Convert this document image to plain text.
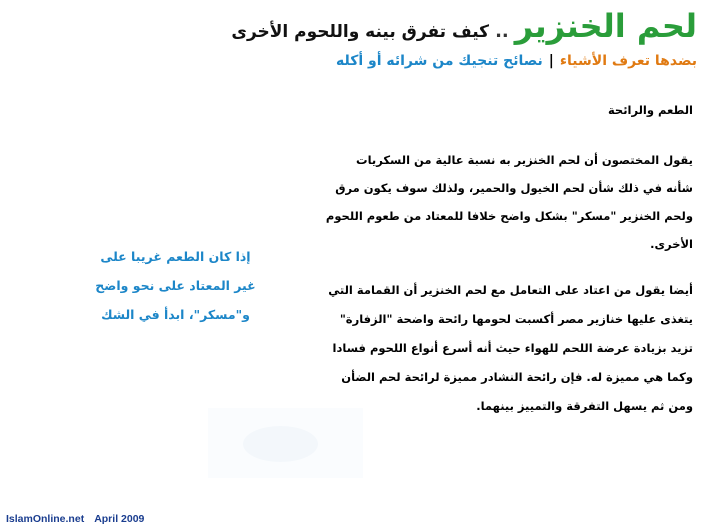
لحم الخنزير..كيف تفرق بينه واللحوم الأخرى
بضدها تعرف الأشياء|نصائح تنجيك من شرائه أو أكله
الطعم والرائحة
يقول المختصون أن لحم الخنزير به نسبة عالية من السكريات
شأنه في ذلك شأن لحم الخيول والحمير، ولذلك سوف يكون مرق
ولحم الخنزير "مسكر" بشكل واضح خلافا للمعتاد من طعوم اللحوم
الأخرى.
أيضا يقول من اعتاد على التعامل مع لحم الخنزير أن القمامة التي
يتغذى عليها خنازير مصر أكسبت لحومها رائحة واضحة "الزفارة"
تزيد بزيادة عرضة اللحم للهواء حيث أنه أسرع أنواع اللحوم فسادا
وكما هي مميزة له. فإن رائحة النشادر مميزة لرائحة لحم الضأن
ومن ثم يسهل التفرقة والتمييز بينهما.
إذا كان الطعم غريبا على
غير المعتاد على نحو واضح
و"مسكر"، ابدأ في الشك
IslamOnline.net April 2009
